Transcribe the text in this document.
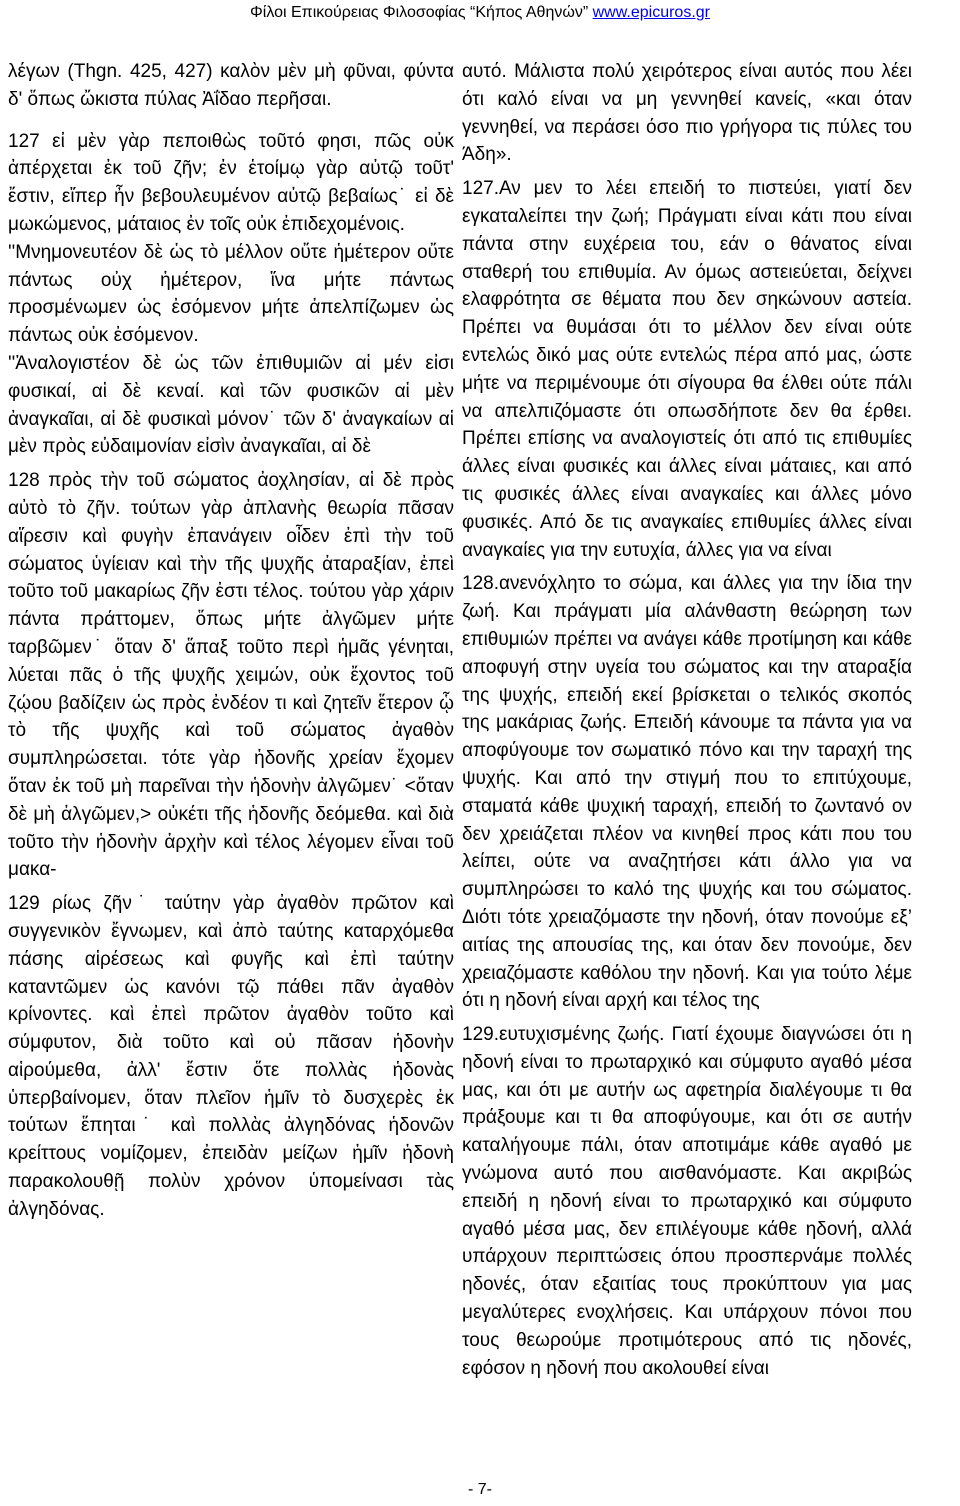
Φίλοι Επικούρειας Φιλοσοφίας “Κήπος Αθηνών” www.epicuros.gr

λέγων (Thgn. 425, 427) καλὸν μὲν μὴ φῦναι, φύντα δ' ὅπως ὤκιστα πύλας Ἀΐδαο περῆσαι.

127 εἰ μὲν γὰρ πεποιθὼς τοῦτό φησι, πῶς οὐκ ἀπέρχεται ἐκ τοῦ ζῆν; ἐν ἑτοίμῳ γὰρ αὐτῷ τοῦτ' ἔστιν, εἴπερ ἦν βεβουλευμένον αὐτῷ βεβαίως˙ εἰ δὲ μωκώμενος, μάταιος ἐν τοῖς οὐκ ἐπιδεχομένοις.

''Μνημονευτέον δὲ ὡς τὸ μέλλον οὔτε ἡμέτερον οὔτε πάντως οὐχ ἡμέτερον, ἵνα μήτε πάντως προσμένωμεν ὡς ἐσόμενον μήτε ἀπελπίζωμεν ὡς πάντως οὐκ ἐσόμενον.

''Ἀναλογιστέον δὲ ὡς τῶν ἐπιθυμιῶν αἱ μέν εἰσι φυσικαί, αἱ δὲ κεναί. καὶ τῶν φυσικῶν αἱ μὲν ἀναγκαῖαι, αἱ δὲ φυσικαὶ μόνον˙ τῶν δ' ἀναγκαίων αἱ μὲν πρὸς εὐδαιμονίαν εἰσὶν ἀναγκαῖαι, αἱ δὲ

128 πρὸς τὴν τοῦ σώματος ἀοχλησίαν, αἱ δὲ πρὸς αὐτὸ τὸ ζῆν. τούτων γὰρ ἀπλανὴς θεωρία πᾶσαν αἵρεσιν καὶ φυγὴν ἐπανάγειν οἶδεν ἐπὶ τὴν τοῦ σώματος ὑγίειαν καὶ τὴν τῆς ψυχῆς ἀταραξίαν, ἐπεὶ τοῦτο τοῦ μακαρίως ζῆν ἐστι τέλος. τούτου γὰρ χάριν πάντα πράττομεν, ὅπως μήτε ἀλγῶμεν μήτε ταρβῶμεν˙ ὅταν δ' ἅπαξ τοῦτο περὶ ἡμᾶς γένηται, λύεται πᾶς ὁ τῆς ψυχῆς χειμών, οὐκ ἔχοντος τοῦ ζῴου βαδίζειν ὡς πρὸς ἐνδέον τι καὶ ζητεῖν ἕτερον ᾧ τὸ τῆς ψυχῆς καὶ τοῦ σώματος ἀγαθὸν συμπληρώσεται. τότε γὰρ ἡδονῆς χρείαν ἔχομεν ὅταν ἐκ τοῦ μὴ παρεῖναι τὴν ἡδονὴν ἀλγῶμεν˙ <ὅταν δὲ μὴ ἀλγῶμεν,> οὐκέτι τῆς ἡδονῆς δεόμεθα. καὶ διὰ τοῦτο τὴν ἡδονὴν ἀρχὴν καὶ τέλος λέγομεν εἶναι τοῦ μακα-

129 ρίως ζῆν˙ ταύτην γὰρ ἀγαθὸν πρῶτον καὶ συγγενικὸν ἔγνωμεν, καὶ ἀπὸ ταύτης καταρχόμεθα πάσης αἱρέσεως καὶ φυγῆς καὶ ἐπὶ ταύτην καταντῶμεν ὡς κανόνι τῷ πάθει πᾶν ἀγαθὸν κρίνοντες. καὶ ἐπεὶ πρῶτον ἀγαθὸν τοῦτο καὶ σύμφυτον, διὰ τοῦτο καὶ οὐ πᾶσαν ἡδονὴν αἱρούμεθα, ἀλλ' ἔστιν ὅτε πολλὰς ἡδονὰς ὑπερβαίνομεν, ὅταν πλεῖον ἡμῖν τὸ δυσχερὲς ἐκ τούτων ἕπηται˙ καὶ πολλὰς ἀλγηδόνας ἡδονῶν κρείττους νομίζομεν, ἐπειδὰν μείζων ἡμῖν ἡδονὴ παρακολουθῇ πολὺν χρόνον ὑπομείνασι τὰς ἀλγηδόνας.

αυτό. Μάλιστα πολύ χειρότερος είναι αυτός που λέει ότι καλό είναι να μη γεννηθεί κανείς, «και όταν γεννηθεί, να περάσει όσο πιο γρήγορα τις πύλες του Άδη».

127.Αν μεν το λέει επειδή το πιστεύει, γιατί δεν εγκαταλείπει την ζωή; Πράγματι είναι κάτι που είναι πάντα στην ευχέρεια του, εάν ο θάνατος είναι σταθερή του επιθυμία. Αν όμως αστειεύεται, δείχνει ελαφρότητα σε θέματα που δεν σηκώνουν αστεία. Πρέπει να θυμάσαι ότι το μέλλον δεν είναι ούτε εντελώς δικό μας ούτε εντελώς πέρα από μας, ώστε μήτε να περιμένουμε ότι σίγουρα θα έλθει ούτε πάλι να απελπιζόμαστε ότι οπωσδήποτε δεν θα έρθει. Πρέπει επίσης να αναλογιστείς ότι από τις επιθυμίες άλλες είναι φυσικές και άλλες είναι μάταιες, και από τις φυσικές άλλες είναι αναγκαίες και άλλες μόνο φυσικές. Από δε τις αναγκαίες επιθυμίες άλλες είναι αναγκαίες για την ευτυχία, άλλες για να είναι

128.ανενόχλητο το σώμα, και άλλες για την ίδια την ζωή. Και πράγματι μία αλάνθαστη θεώρηση των επιθυμιών πρέπει να ανάγει κάθε προτίμηση και κάθε αποφυγή στην υγεία του σώματος και την αταραξία της ψυχής, επειδή εκεί βρίσκεται ο τελικός σκοπός της μακάριας ζωής. Επειδή κάνουμε τα πάντα για να αποφύγουμε τον σωματικό πόνο και την ταραχή της ψυχής. Και από την στιγμή που το επιτύχουμε, σταματά κάθε ψυχική ταραχή, επειδή το ζωντανό ον δεν χρειάζεται πλέον να κινηθεί προς κάτι που του λείπει, ούτε να αναζητήσει κάτι άλλο για να συμπληρώσει το καλό της ψυχής και του σώματος. Διότι τότε χρειαζόμαστε την ηδονή, όταν πονούμε εξ’ αιτίας της απουσίας της, και όταν δεν πονούμε, δεν χρειαζόμαστε καθόλου την ηδονή. Και για τούτο λέμε ότι η ηδονή είναι αρχή και τέλος της

129.ευτυχισμένης ζωής. Γιατί έχουμε διαγνώσει ότι η ηδονή είναι το πρωταρχικό και σύμφυτο αγαθό μέσα μας, και ότι με αυτήν ως αφετηρία διαλέγουμε τι θα πράξουμε και τι θα αποφύγουμε, και ότι σε αυτήν καταλήγουμε πάλι, όταν αποτιμάμε κάθε αγαθό με γνώμονα αυτό που αισθανόμαστε. Και ακριβώς επειδή η ηδονή είναι το πρωταρχικό και σύμφυτο αγαθό μέσα μας, δεν επιλέγουμε κάθε ηδονή, αλλά υπάρχουν περιπτώσεις όπου προσπερνάμε πολλές ηδονές, όταν εξαιτίας τους προκύπτουν για μας μεγαλύτερες ενοχλήσεις. Και υπάρχουν πόνοι που τους θεωρούμε προτιμότερους από τις ηδονές, εφόσον η ηδονή που ακολουθεί είναι

- 7-
